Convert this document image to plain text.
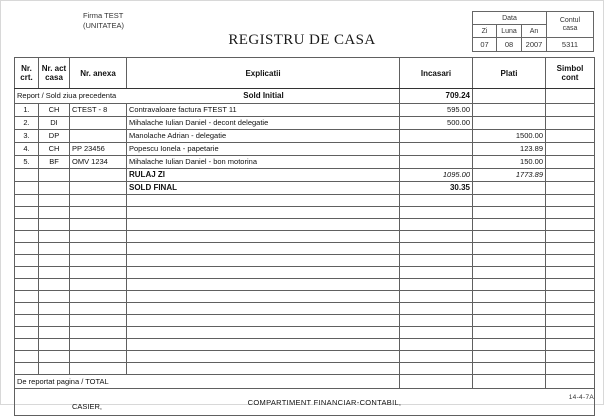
Firma TEST
(UNITATEA)
REGISTRU DE CASA
Data			Contul
casa
Zi	Luna	An	
07	08	2007	5311
Nr. crt.	Nr. act casa	Nr. anexa	Explicatii	Incasari	Plati	Simbol cont

Report / Sold ziua precedenta Sold Initial				709.24		
1.	CH	CTEST - 8	Contravaloare factura FTEST 11	595.00		
2.	DI		Mihalache Iulian Daniel - decont delegatie	500.00		
3.	DP		Manolache Adrian - delegatie		1500.00	
4.	CH	PP 23456	Popescu Ionela - papetarie		123.89	
5.	BF	OMV 1234	Mihalache Iulian Daniel - bon motorina		150.00	
			RULAJ ZI	1095.00	1773.89	
			SOLD FINAL	30.35		

De reportat pagina / TOTAL						

COMPARTIMENT FINANCIAR-CONTABIL,
CASIER,						
14-4-7A
